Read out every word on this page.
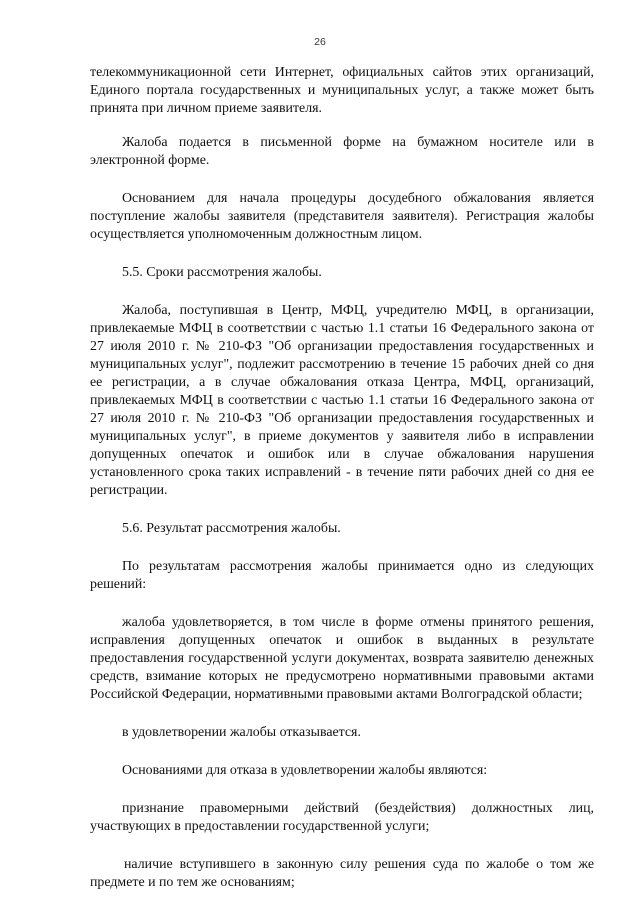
26

телекоммуникационной сети Интернет, официальных сайтов этих организаций, Единого портала государственных и муниципальных услуг, а также может быть принята при личном приеме заявителя.

Жалоба подается в письменной форме на бумажном носителе или в электронной форме.

Основанием для начала процедуры досудебного обжалования является поступление жалобы заявителя (представителя заявителя). Регистрация жалобы осуществляется уполномоченным должностным лицом.

5.5. Сроки рассмотрения жалобы.

Жалоба, поступившая в Центр, МФЦ, учредителю МФЦ, в организации, привлекаемые МФЦ в соответствии с частью 1.1 статьи 16 Федерального закона от 27 июля 2010 г. № 210-ФЗ "Об организации предоставления государственных и муниципальных услуг", подлежит рассмотрению в течение 15 рабочих дней со дня ее регистрации, а в случае обжалования отказа Центра, МФЦ, организаций, привлекаемых МФЦ в соответствии с частью 1.1 статьи 16 Федерального закона от 27 июля 2010 г. № 210-ФЗ "Об организации предоставления государственных и муниципальных услуг", в приеме документов у заявителя либо в исправлении допущенных опечаток и ошибок или в случае обжалования нарушения установленного срока таких исправлений - в течение пяти рабочих дней со дня ее регистрации.

5.6. Результат рассмотрения жалобы.

По результатам рассмотрения жалобы принимается одно из следующих решений:

жалоба удовлетворяется, в том числе в форме отмены принятого решения, исправления допущенных опечаток и ошибок в выданных в результате предоставления государственной услуги документах, возврата заявителю денежных средств, взимание которых не предусмотрено нормативными правовыми актами Российской Федерации, нормативными правовыми актами Волгоградской области;

в удовлетворении жалобы отказывается.

Основаниями для отказа в удовлетворении жалобы являются:

признание правомерными действий (бездействия) должностных лиц, участвующих в предоставлении государственной услуги;

наличие вступившего в законную силу решения суда по жалобе о том же предмете и по тем же основаниям;
